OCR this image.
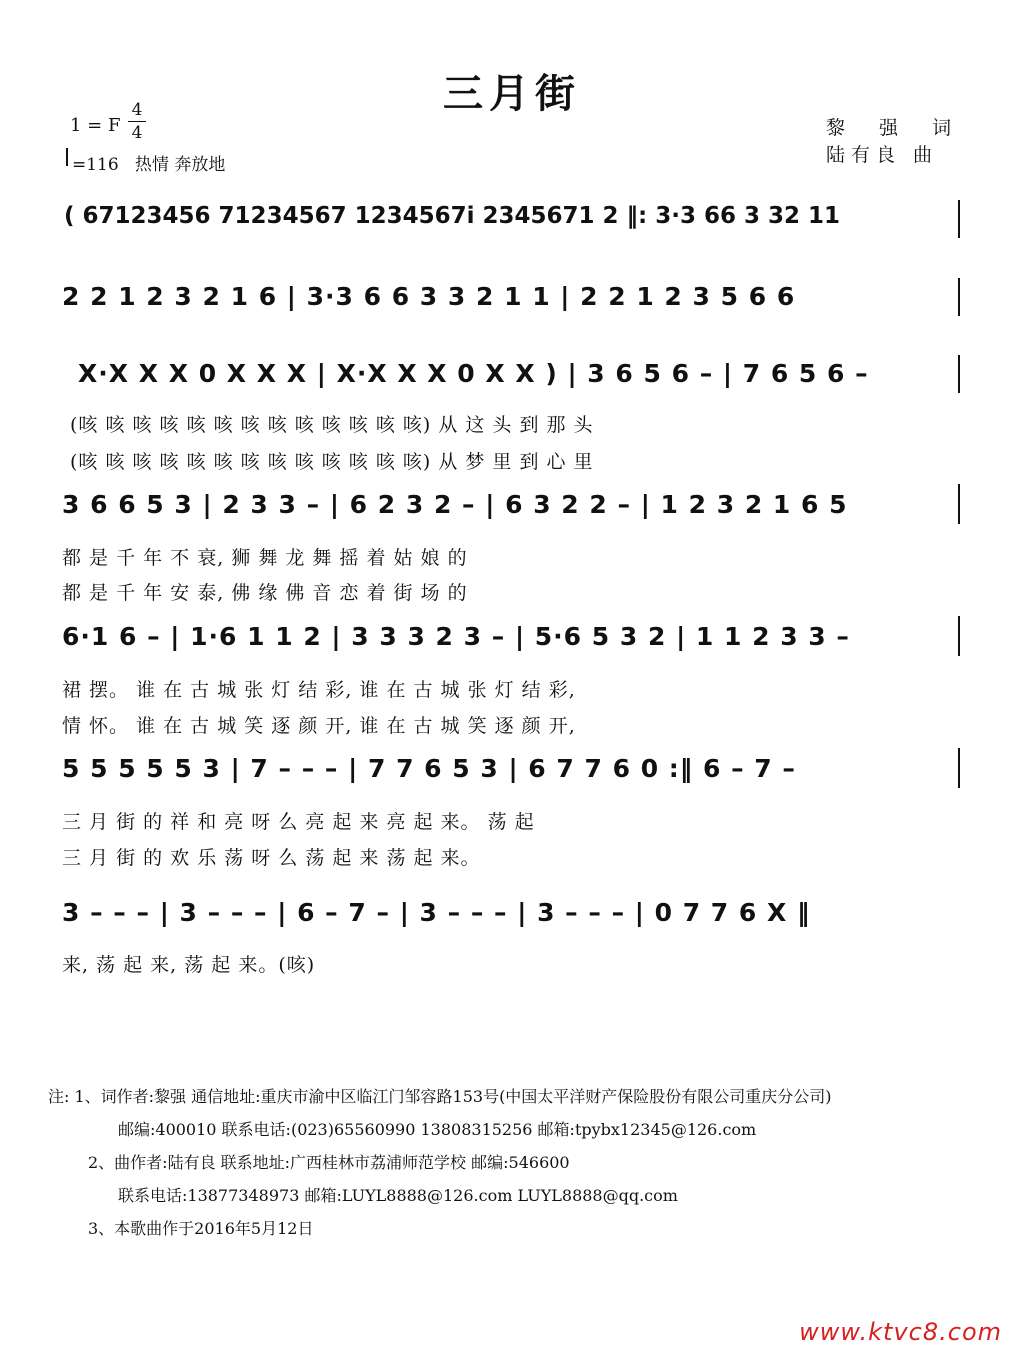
三月街
1 = F
4
4
=116 热情 奔放地
黎 强 词
陆有良 曲
( 67123456 71234567 1234567i 2345671 2 ‖: 3·3 66 3 32 11
2 2 1 2 3 2 1 6 | 3·3 6 6 3 3 2 1 1 | 2 2 1 2 3 5 6 6
X·X X X 0 X X X | X·X X X 0 X X ) | 3 6 5 6 – | 7 6 5 6 –
(咳 咳 咳 咳 咳 咳 咳 咳 咳 咳 咳 咳 咳) 从 这 头 到 那 头
(咳 咳 咳 咳 咳 咳 咳 咳 咳 咳 咳 咳 咳) 从 梦 里 到 心 里
3 6 6 5 3 | 2 3 3 – | 6 2 3 2 – | 6 3 2 2 – | 1 2 3 2 1 6 5
都 是 千 年 不 衰, 狮 舞 龙 舞 摇 着 姑 娘 的
都 是 千 年 安 泰, 佛 缘 佛 音 恋 着 街 场 的
6·1 6 – | 1·6 1 1 2 | 3 3 3 2 3 – | 5·6 5 3 2 | 1 1 2 3 3 –
裙 摆。 谁 在 古 城 张 灯 结 彩, 谁 在 古 城 张 灯 结 彩,
情 怀。 谁 在 古 城 笑 逐 颜 开, 谁 在 古 城 笑 逐 颜 开,
5 5 5 5 5 3 | 7 – – – | 7 7 6 5 3 | 6 7 7 6 0 :‖ 6 – 7 –
三 月 街 的 祥 和 亮 呀 么 亮 起 来 亮 起 来。 荡 起
三 月 街 的 欢 乐 荡 呀 么 荡 起 来 荡 起 来。
3 – – – | 3 – – – | 6 – 7 – | 3 – – – | 3 – – – | 0 7 7 6 X ‖
来, 荡 起 来, 荡 起 来。(咳)
注: 1、词作者:黎强 通信地址:重庆市渝中区临江门邹容路153号(中国太平洋财产保险股份有限公司重庆分公司)
邮编:400010 联系电话:(023)65560990 13808315256 邮箱:tpybx12345@126.com
2、曲作者:陆有良 联系地址:广西桂林市荔浦师范学校 邮编:546600
联系电话:13877348973 邮箱:LUYL8888@126.com LUYL8888@qq.com
3、本歌曲作于2016年5月12日
www.ktvc8.com
